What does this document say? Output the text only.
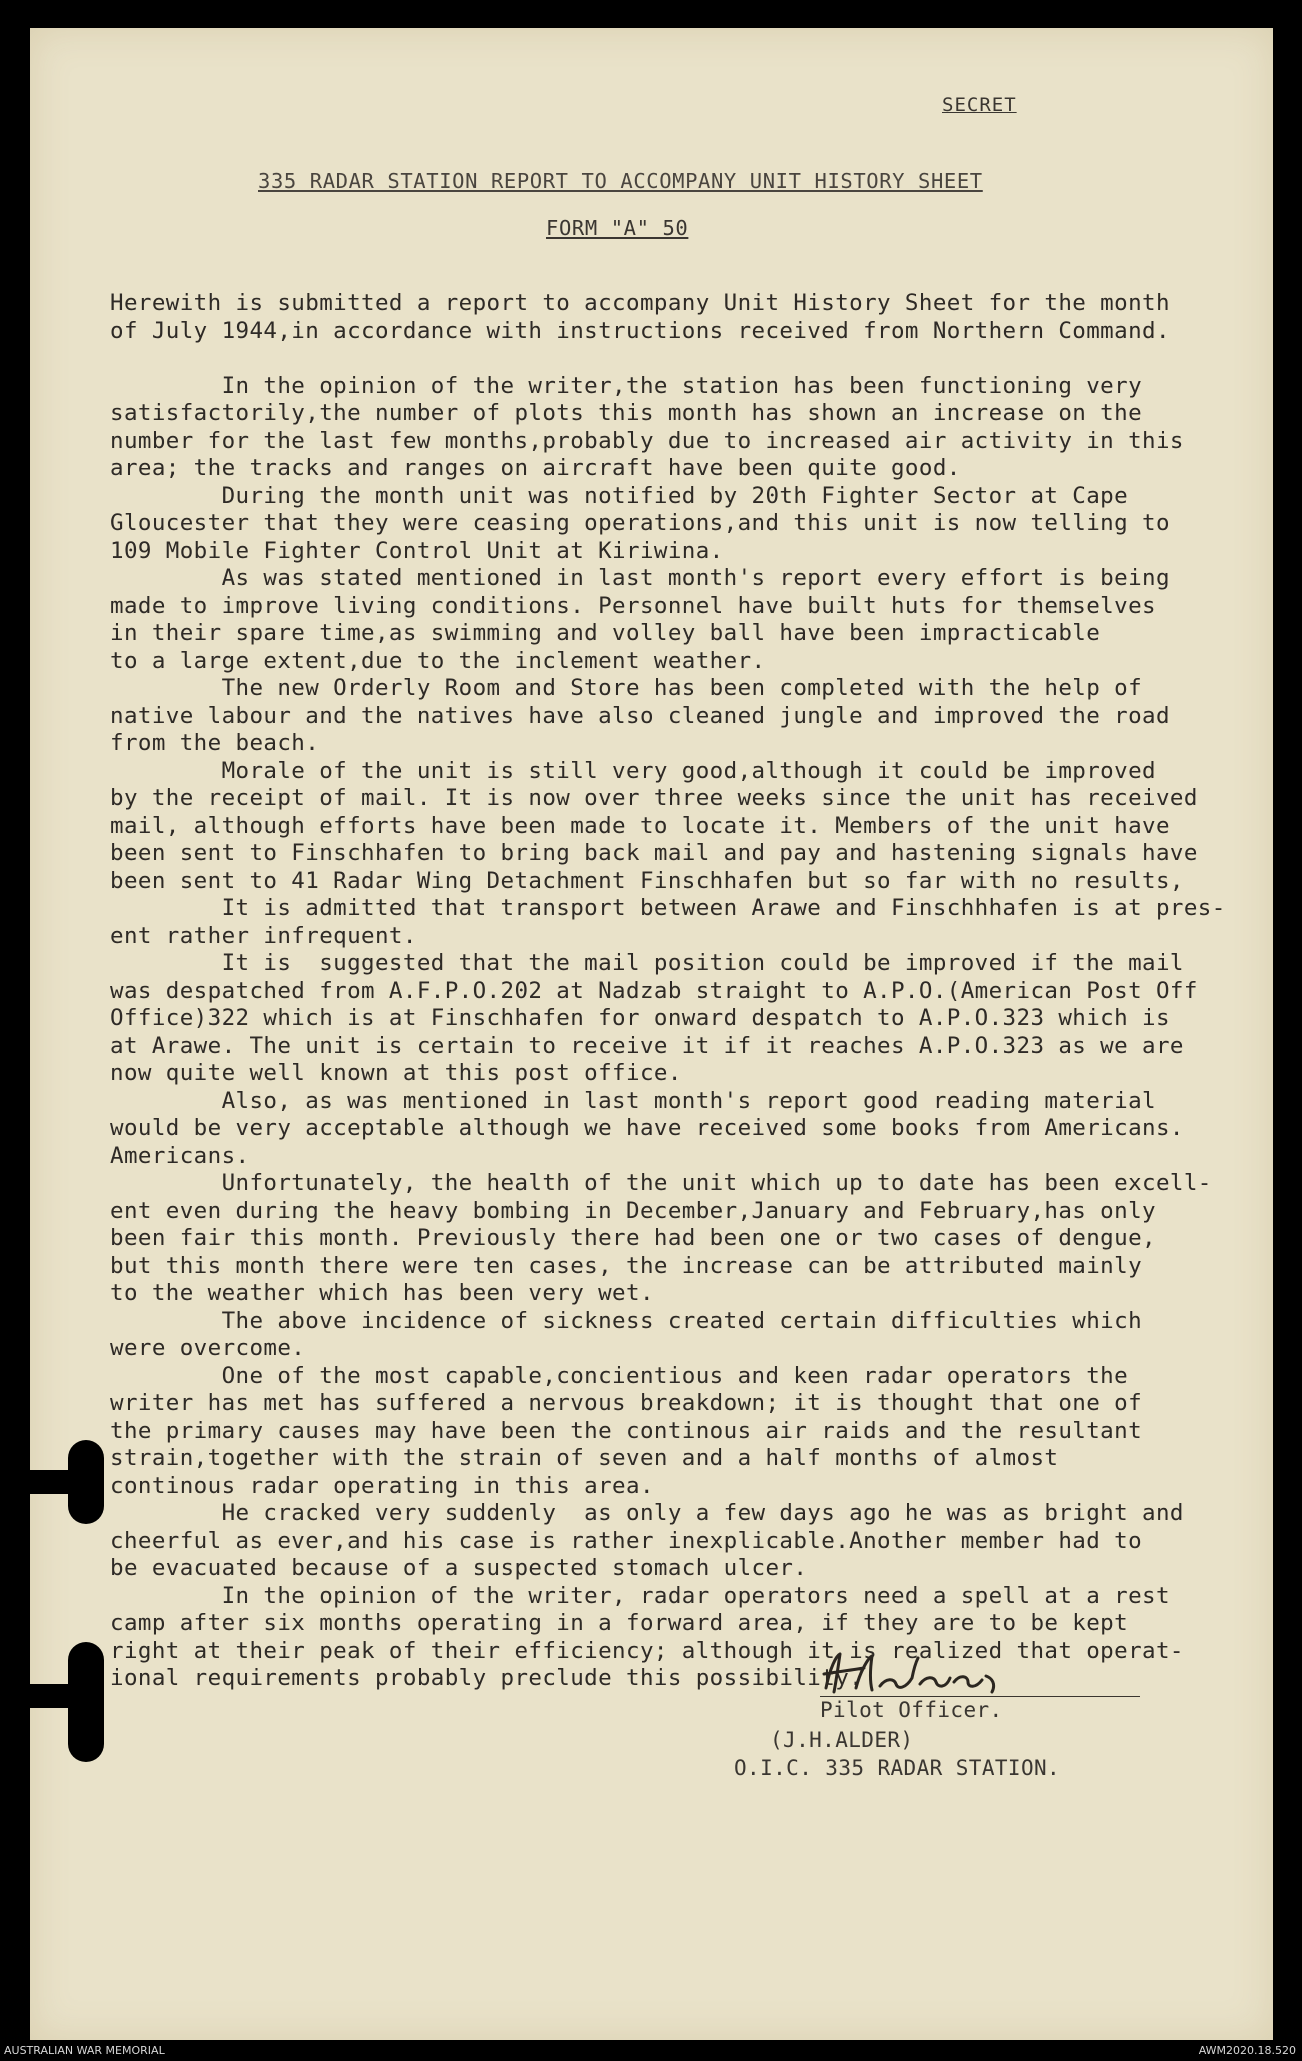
SECRET
335 RADAR STATION REPORT TO ACCOMPANY UNIT HISTORY SHEET
FORM "A" 50
Herewith is submitted a report to accompany Unit History Sheet for the month
of July 1944,in accordance with instructions received from Northern Command.

In the opinion of the writer,the station has been functioning very
satisfactorily,the number of plots this month has shown an increase on the
number for the last few months,probably due to increased air activity in this
area; the tracks and ranges on aircraft have been quite good.
During the month unit was notified by 20th Fighter Sector at Cape
Gloucester that they were ceasing operations,and this unit is now telling to
109 Mobile Fighter Control Unit at Kiriwina.
As was stated mentioned in last month's report every effort is being
made to improve living conditions. Personnel have built huts for themselves
in their spare time,as swimming and volley ball have been impracticable
to a large extent,due to the inclement weather.
The new Orderly Room and Store has been completed with the help of
native labour and the natives have also cleaned jungle and improved the road
from the beach.
Morale of the unit is still very good,although it could be improved
by the receipt of mail. It is now over three weeks since the unit has received
mail, although efforts have been made to locate it. Members of the unit have
been sent to Finschhafen to bring back mail and pay and hastening signals have
been sent to 41 Radar Wing Detachment Finschhafen but so far with no results,
It is admitted that transport between Arawe and Finschhhafen is at pres-
ent rather infrequent.
It is  suggested that the mail position could be improved if the mail
was despatched from A.F.P.O.202 at Nadzab straight to A.P.O.(American Post Off
Office)322 which is at Finschhafen for onward despatch to A.P.O.323 which is
at Arawe. The unit is certain to receive it if it reaches A.P.O.323 as we are
now quite well known at this post office.
Also, as was mentioned in last month's report good reading material
would be very acceptable although we have received some books from Americans.
Americans.
Unfortunately, the health of the unit which up to date has been excell-
ent even during the heavy bombing in December,January and February,has only
been fair this month. Previously there had been one or two cases of dengue,
but this month there were ten cases, the increase can be attributed mainly
to the weather which has been very wet.
The above incidence of sickness created certain difficulties which
were overcome.
One of the most capable,concientious and keen radar operators the
writer has met has suffered a nervous breakdown; it is thought that one of
the primary causes may have been the continous air raids and the resultant
strain,together with the strain of seven and a half months of almost
continous radar operating in this area.
He cracked very suddenly  as only a few days ago he was as bright and
cheerful as ever,and his case is rather inexplicable.Another member had to
be evacuated because of a suspected stomach ulcer.
In the opinion of the writer, radar operators need a spell at a rest
camp after six months operating in a forward area, if they are to be kept
right at their peak of their efficiency; although it is realized that operat-
ional requirements probably preclude this possibility.
Pilot Officer.
(J.H.ALDER)
O.I.C. 335 RADAR STATION.
AUSTRALIAN WAR MEMORIAL	AWM2020.18.520
